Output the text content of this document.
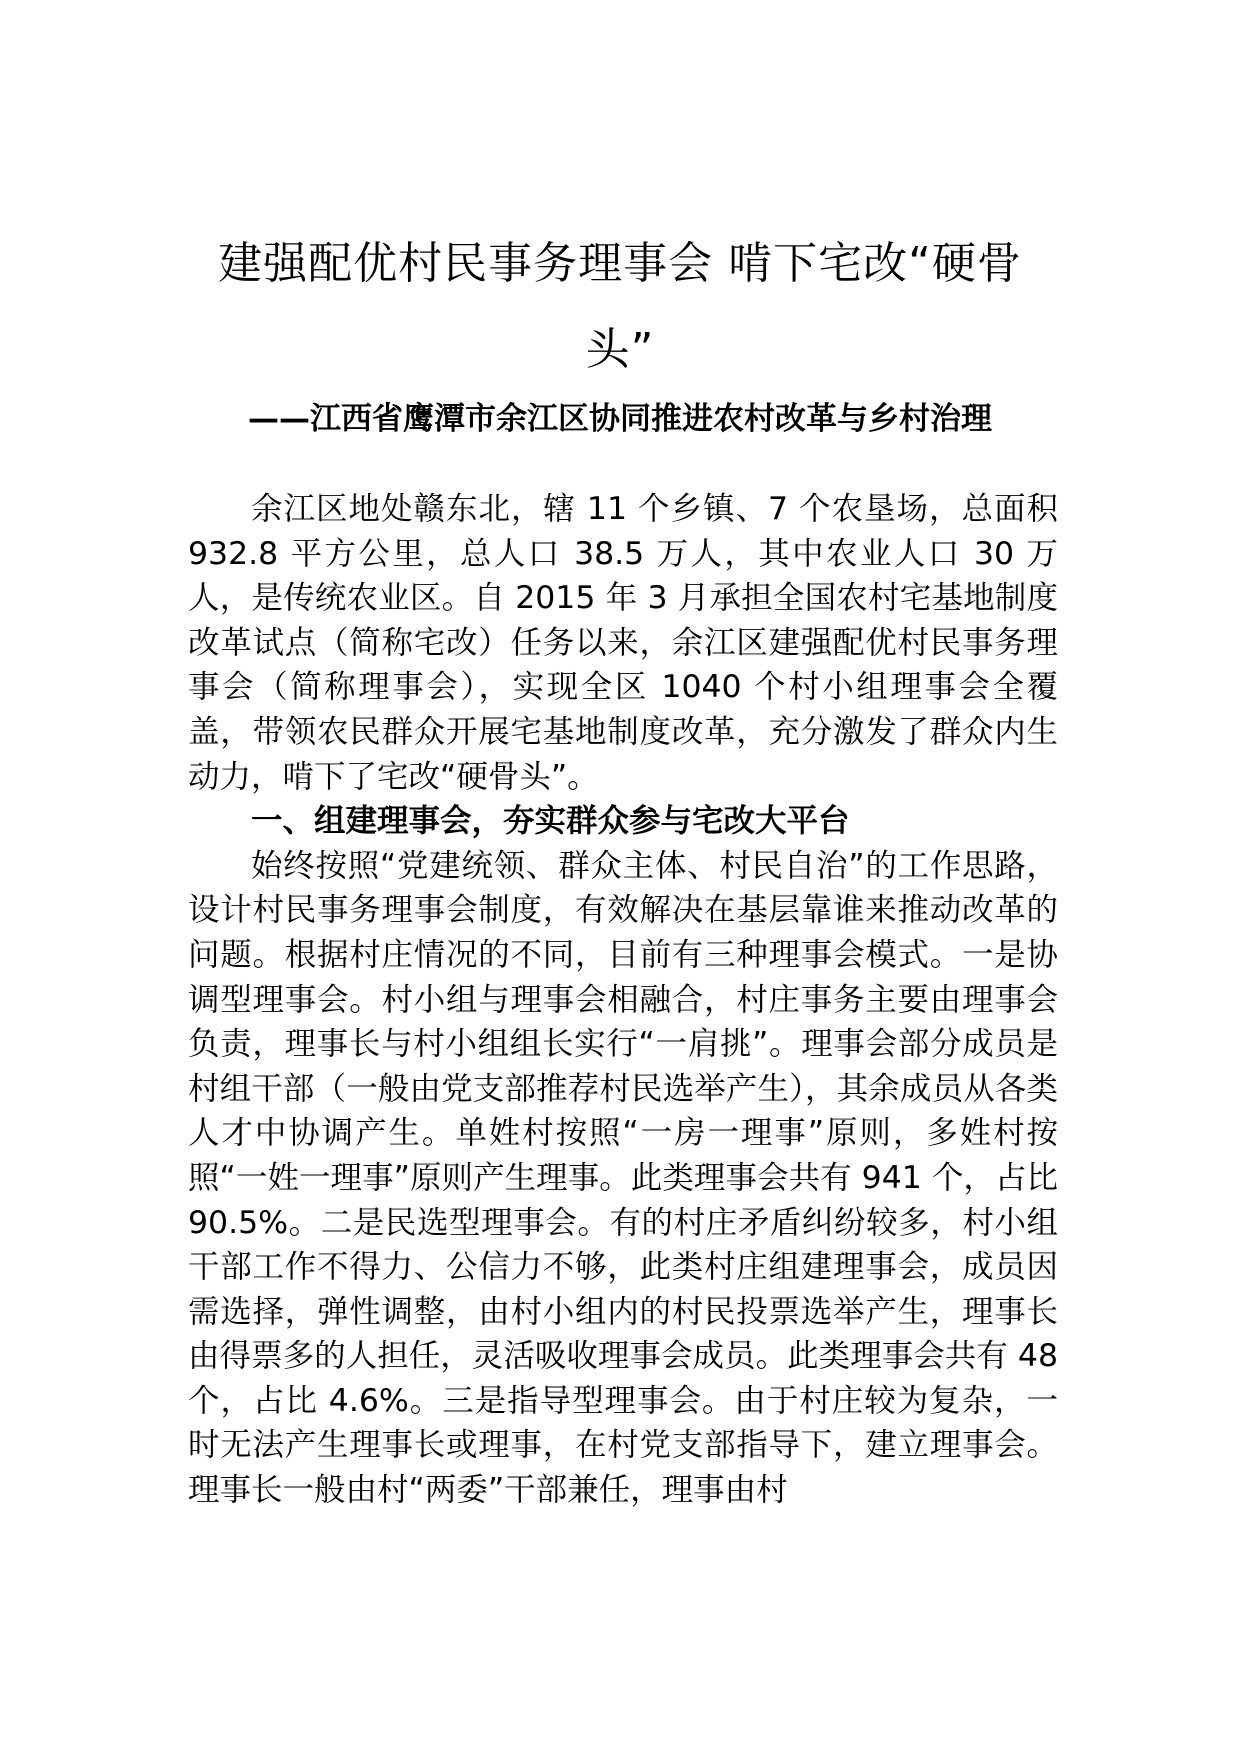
建强配优村民事务理事会 啃下宅改“硬骨
头”
——江西省鹰潭市余江区协同推进农村改革与乡村治理

余江区地处赣东北，辖 11 个乡镇、7 个农垦场，总面积 932.8 平方公里，总人口 38.5 万人，其中农业人口 30 万人，是传统农业区。自 2015 年 3 月承担全国农村宅基地制度改革试点（简称宅改）任务以来，余江区建强配优村民事务理事会（简称理事会），实现全区 1040 个村小组理事会全覆盖，带领农民群众开展宅基地制度改革，充分激发了群众内生动力，啃下了宅改“硬骨头”。

一、组建理事会，夯实群众参与宅改大平台

始终按照“党建统领、群众主体、村民自治”的工作思路，设计村民事务理事会制度，有效解决在基层靠谁来推动改革的问题。根据村庄情况的不同，目前有三种理事会模式。一是协调型理事会。村小组与理事会相融合，村庄事务主要由理事会负责，理事长与村小组组长实行“一肩挑”。理事会部分成员是村组干部（一般由党支部推荐村民选举产生），其余成员从各类人才中协调产生。单姓村按照“一房一理事”原则，多姓村按照“一姓一理事”原则产生理事。此类理事会共有 941 个，占比 90.5%。二是民选型理事会。有的村庄矛盾纠纷较多，村小组干部工作不得力、公信力不够，此类村庄组建理事会，成员因需选择，弹性调整，由村小组内的村民投票选举产生，理事长由得票多的人担任，灵活吸收理事会成员。此类理事会共有 48 个，占比 4.6%。三是指导型理事会。由于村庄较为复杂，一时无法产生理事长或理事，在村党支部指导下，建立理事会。理事长一般由村“两委”干部兼任，理事由村
